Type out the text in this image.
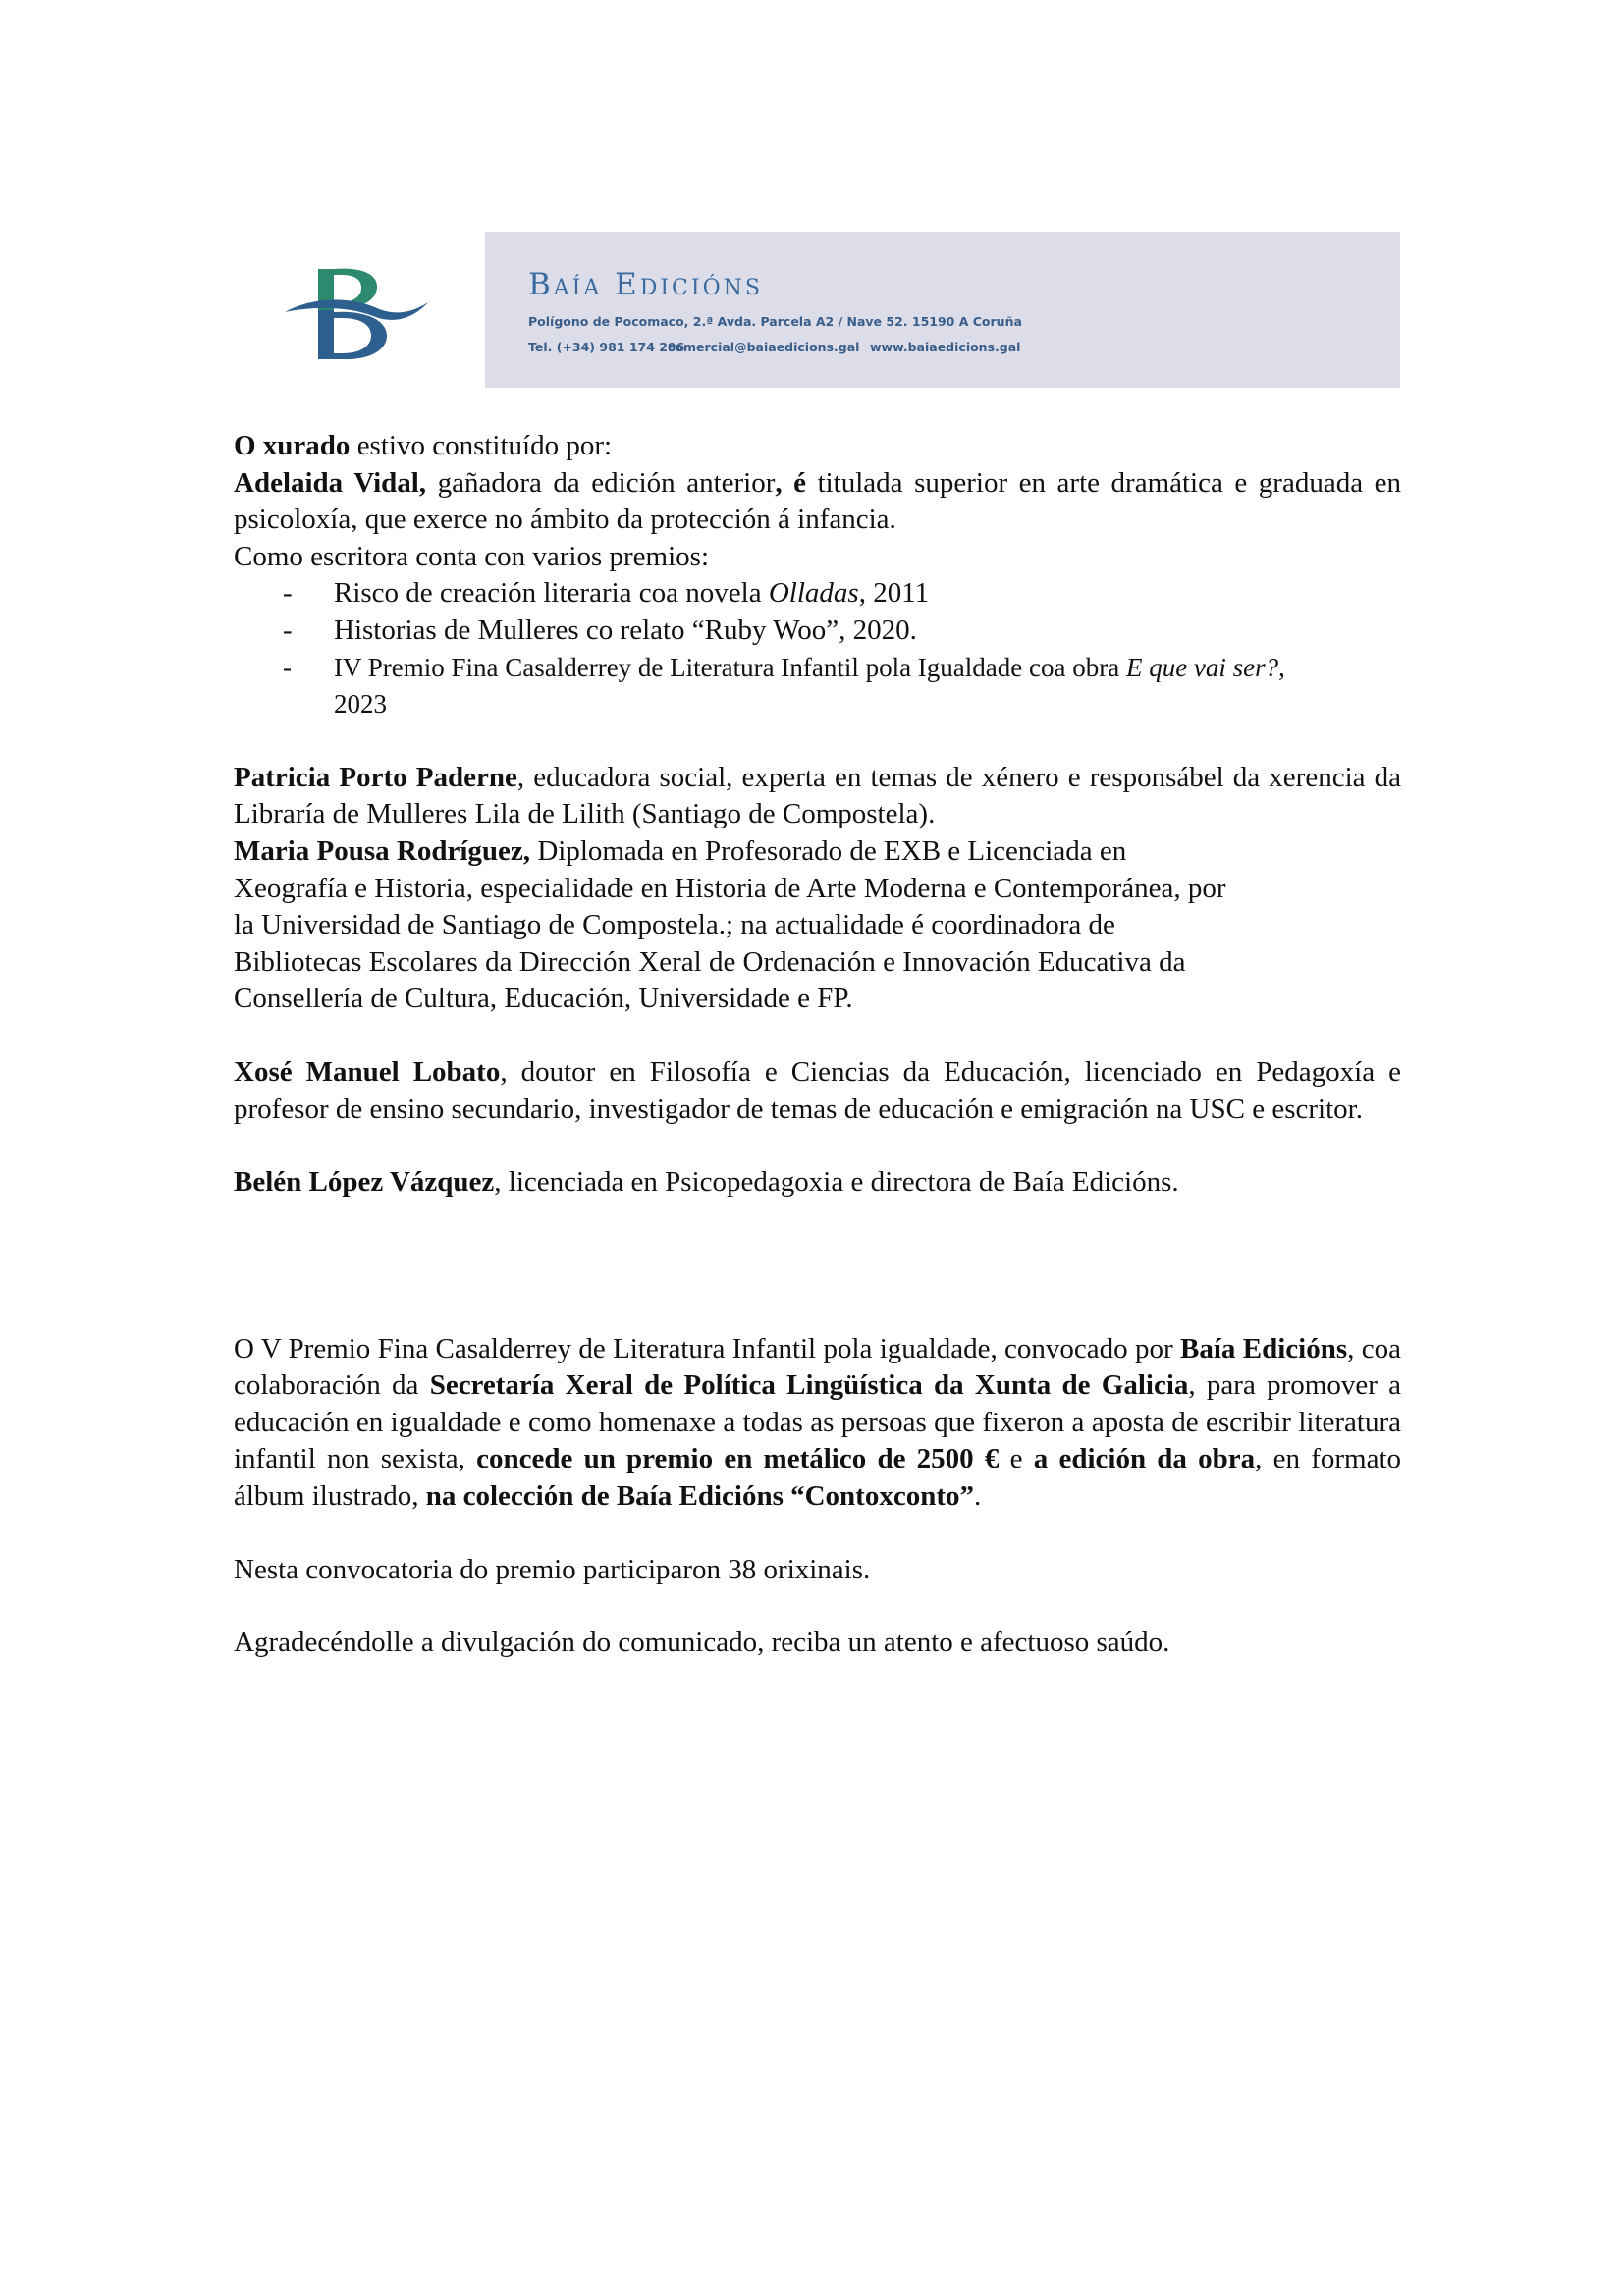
Baía Edicións
Polígono de Pocomaco, 2.ª Avda. Parcela A2 / Nave 52. 15190 A Coruña
Tel. (+34) 981 174 296comercial@baiaedicions.gal www.baiaedicions.gal

O xurado estivo constituído por:

Adelaida Vidal, gañadora da edición anterior, é titulada superior en arte dramática e graduada en psicoloxía, que exerce no ámbito da protección á infancia.

Como escritora conta con varios premios:

- Risco de creación literaria coa novela Olladas, 2011
- Historias de Mulleres co relato “Ruby Woo”, 2020.
- IV Premio Fina Casalderrey de Literatura Infantil pola Igualdade coa obra E que vai ser?, 2023

Patricia Porto Paderne, educadora social, experta en temas de xénero e responsábel da xerencia da Libraría de Mulleres Lila de Lilith (Santiago de Compostela).

Maria Pousa Rodríguez, Diplomada en Profesorado de EXB e Licenciada en

Xeografía e Historia, especialidade en Historia de Arte Moderna e Contemporánea, por

la Universidad de Santiago de Compostela.; na actualidade é coordinadora de

Bibliotecas Escolares da Dirección Xeral de Ordenación e Innovación Educativa da

Consellería de Cultura, Educación, Universidade e FP.

Xosé Manuel Lobato, doutor en Filosofía e Ciencias da Educación, licenciado en Pedagoxía e profesor de ensino secundario, investigador de temas de educación e emigración na USC e escritor.

Belén López Vázquez, licenciada en Psicopedagoxia e directora de Baía Edicións.

O V Premio Fina Casalderrey de Literatura Infantil pola igualdade, convocado por Baía Edicións, coa colaboración da Secretaría Xeral de Política Lingüística da Xunta de Galicia, para promover a educación en igualdade e como homenaxe a todas as persoas que fixeron a aposta de escribir literatura infantil non sexista, concede un premio en metálico de 2500 € e a edición da obra, en formato álbum ilustrado, na colección de Baía Edicións “Contoxconto”.

Nesta convocatoria do premio participaron 38 orixinais.

Agradecéndolle a divulgación do comunicado, reciba un atento e afectuoso saúdo.
